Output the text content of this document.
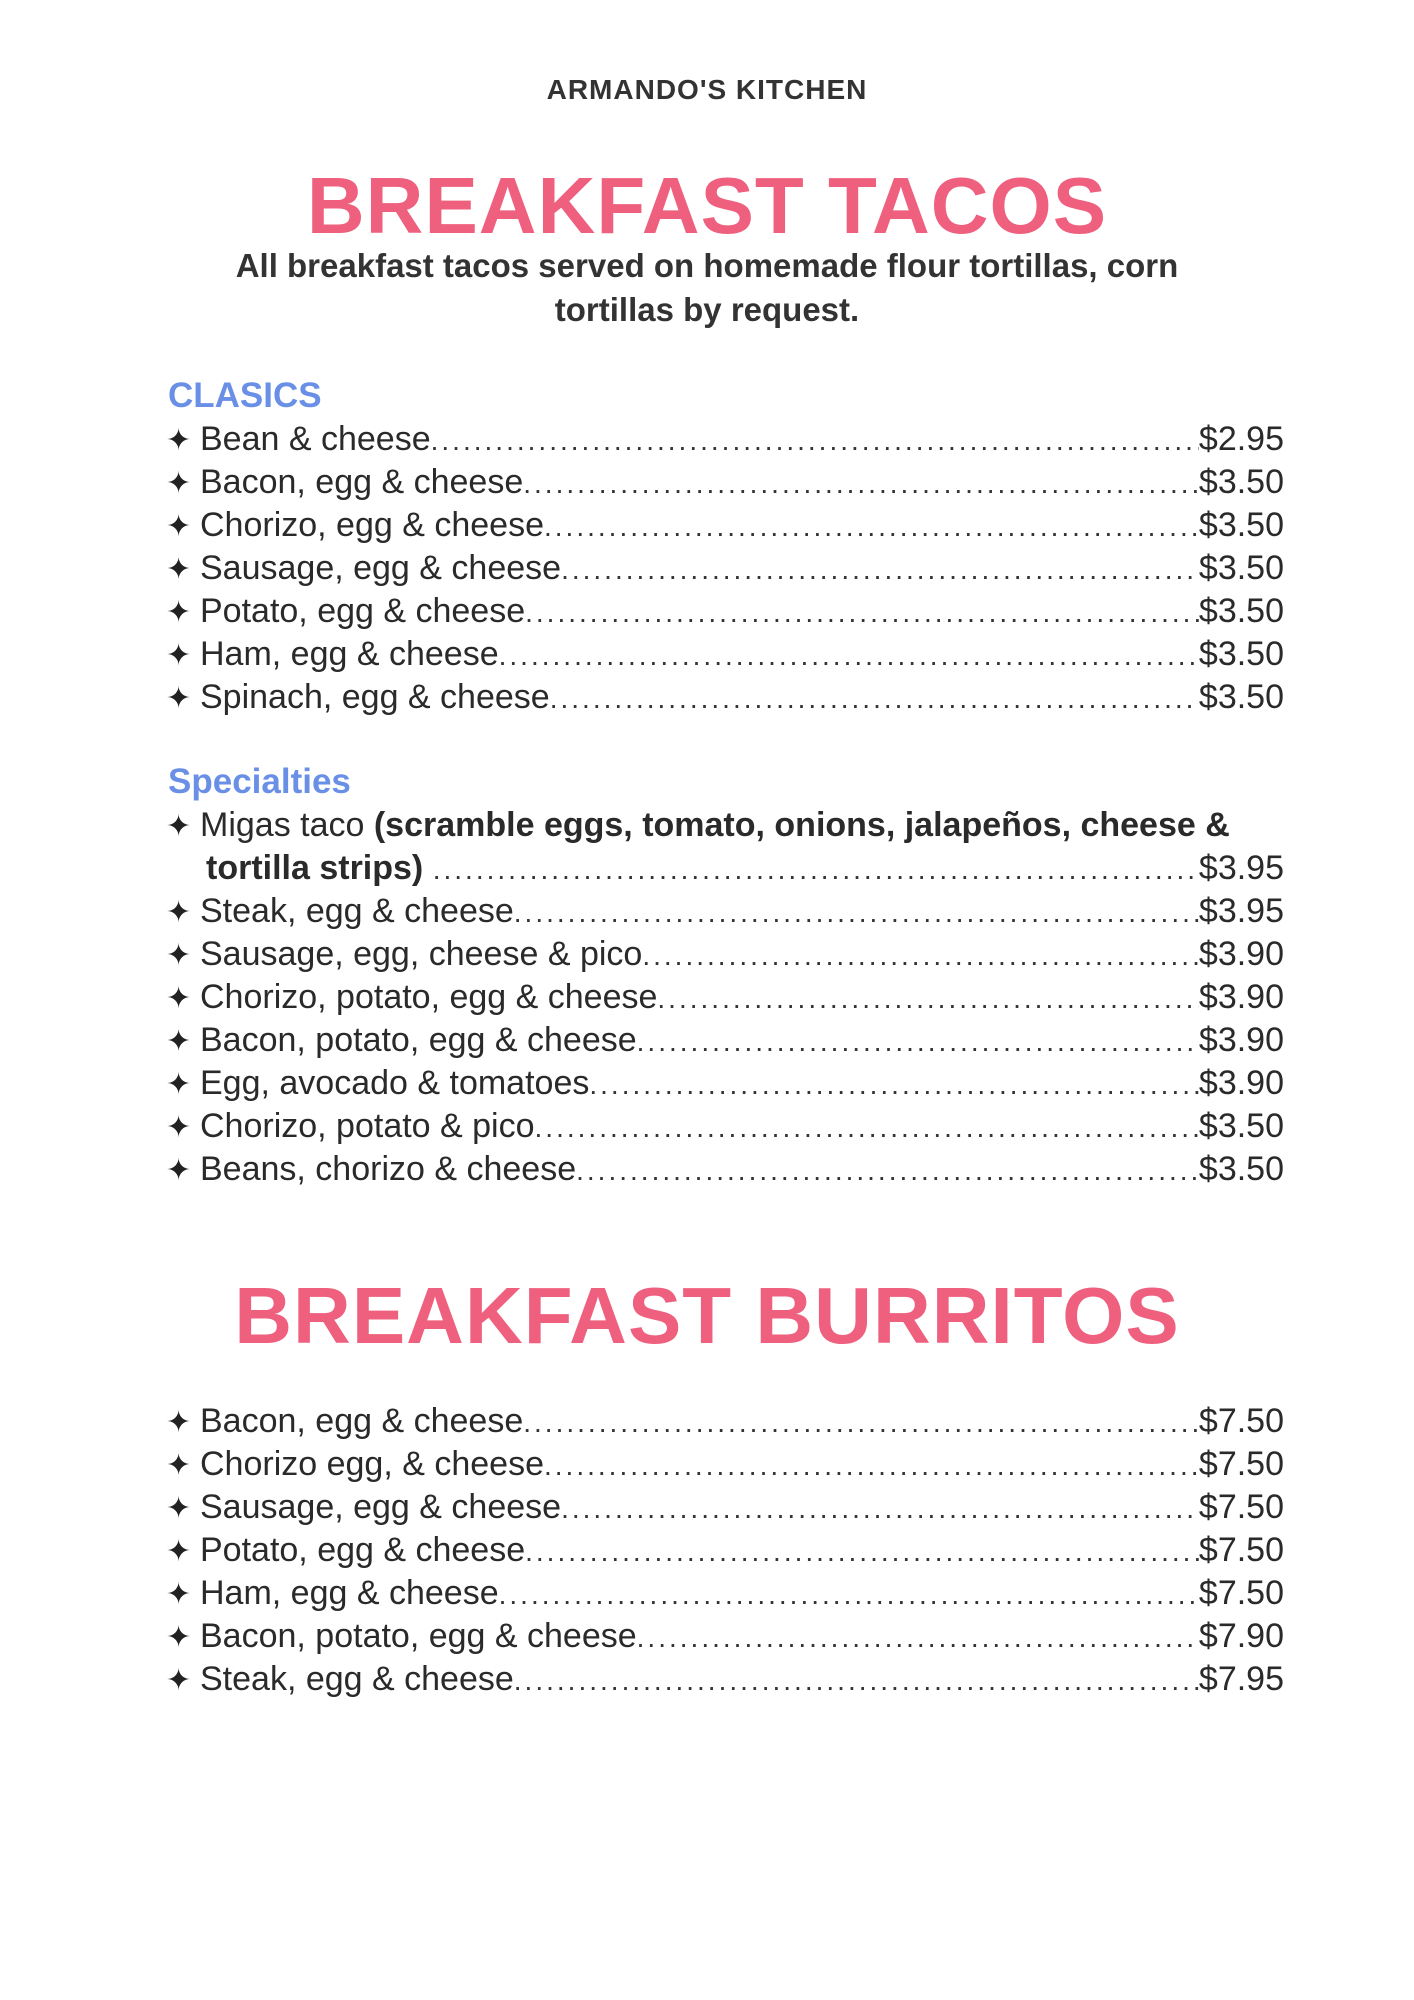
ARMANDO'S KITCHEN
BREAKFAST TACOS
All breakfast tacos served on homemade flour tortillas, corn tortillas by request.
CLASICS
✦ Bean & cheese .....	$2.95
✦ Bacon, egg & cheese .....	$3.50
✦ Chorizo, egg & cheese .....	$3.50
✦ Sausage, egg & cheese .....	$3.50
✦ Potato, egg & cheese .....	$3.50
✦ Ham, egg & cheese .....	$3.50
✦ Spinach, egg & cheese .....	$3.50
Specialties
✦ Migas taco
(scramble eggs, tomato, onions, jalapeños, cheese &
tortilla strips)
.....	$3.95
✦ Steak, egg & cheese .....	$3.95
✦ Sausage, egg, cheese & pico .....	$3.90
✦ Chorizo, potato, egg & cheese .....	$3.90
✦ Bacon, potato, egg & cheese .....	$3.90
✦ Egg, avocado & tomatoes .....	$3.90
✦ Chorizo, potato & pico .....	$3.50
✦ Beans, chorizo & cheese .....	$3.50
BREAKFAST BURRITOS
✦ Bacon, egg & cheese .....	$7.50
✦ Chorizo egg, & cheese .....	$7.50
✦ Sausage, egg & cheese .....	$7.50
✦ Potato, egg & cheese .....	$7.50
✦ Ham, egg & cheese .....	$7.50
✦ Bacon, potato, egg & cheese .....	$7.90
✦ Steak, egg & cheese .....	$7.95
